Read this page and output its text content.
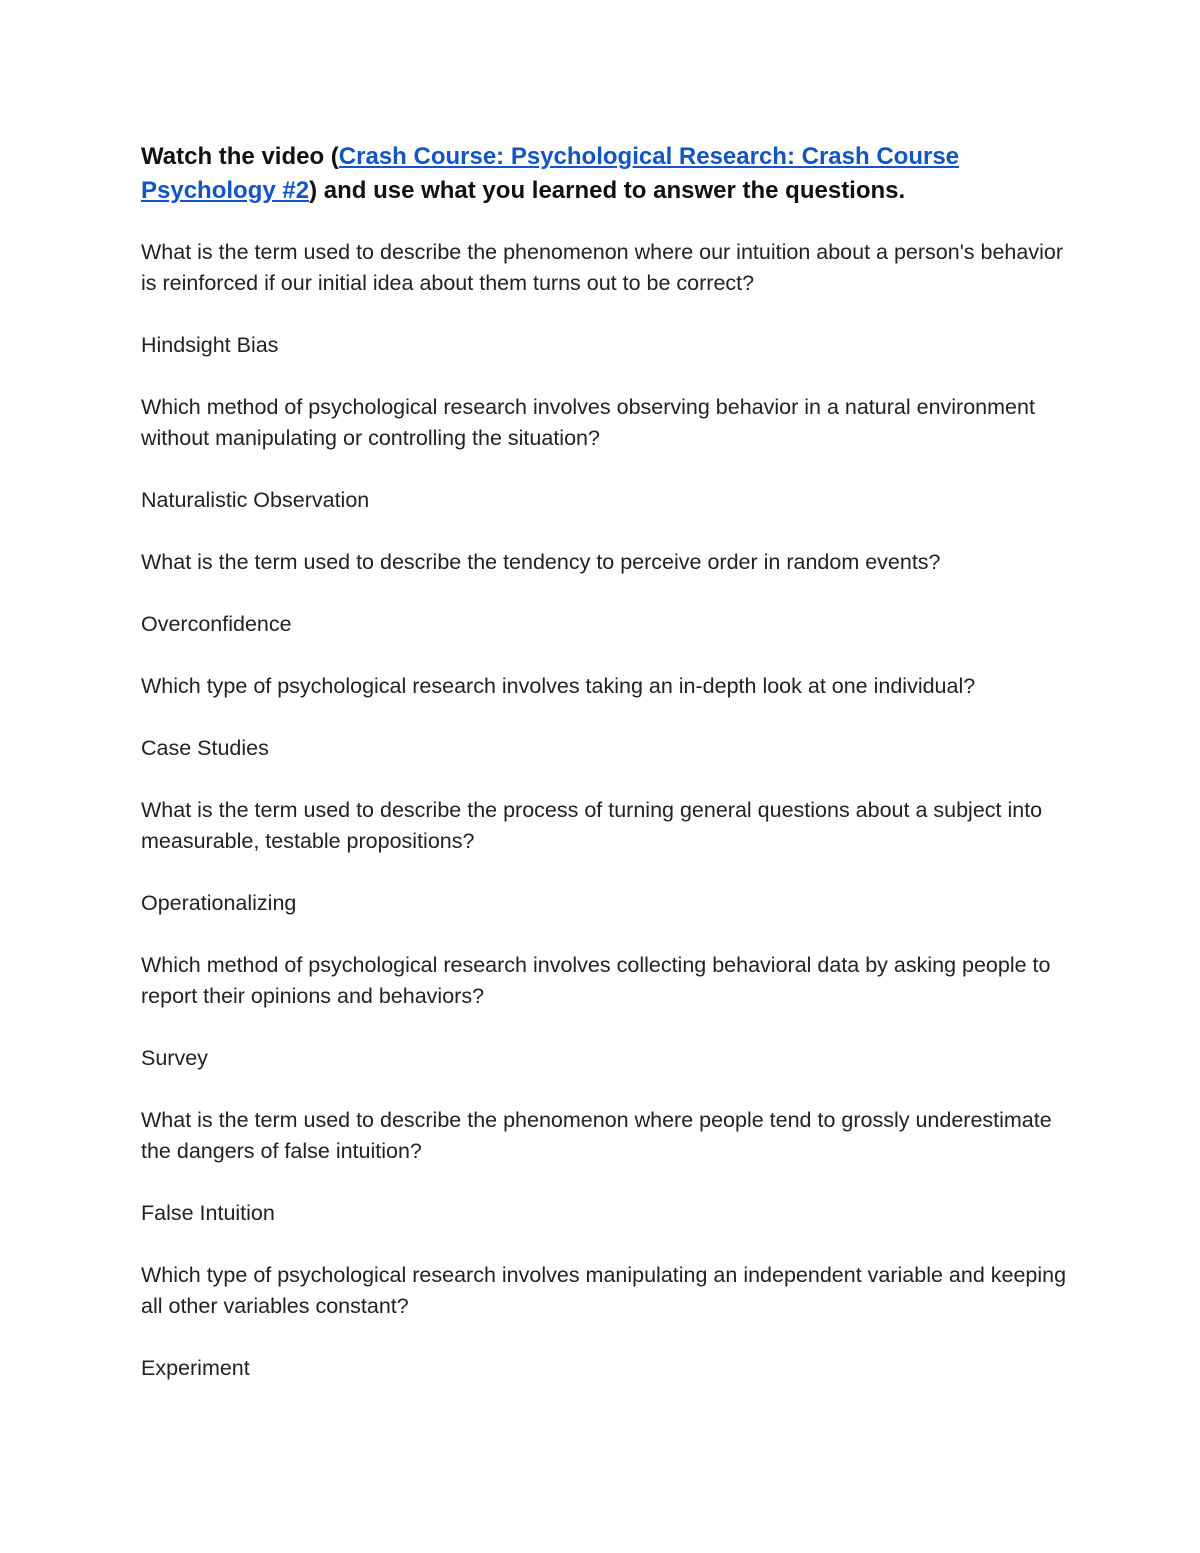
Watch the video (Crash Course: Psychological Research: Crash Course Psychology #2) and use what you learned to answer the questions.

What is the term used to describe the phenomenon where our intuition about a person's behavior is reinforced if our initial idea about them turns out to be correct?

Hindsight Bias

Which method of psychological research involves observing behavior in a natural environment without manipulating or controlling the situation?

Naturalistic Observation

What is the term used to describe the tendency to perceive order in random events?

Overconfidence

Which type of psychological research involves taking an in-depth look at one individual?

Case Studies

What is the term used to describe the process of turning general questions about a subject into measurable, testable propositions?

Operationalizing

Which method of psychological research involves collecting behavioral data by asking people to report their opinions and behaviors?

Survey

What is the term used to describe the phenomenon where people tend to grossly underestimate the dangers of false intuition?

False Intuition

Which type of psychological research involves manipulating an independent variable and keeping all other variables constant?

Experiment
